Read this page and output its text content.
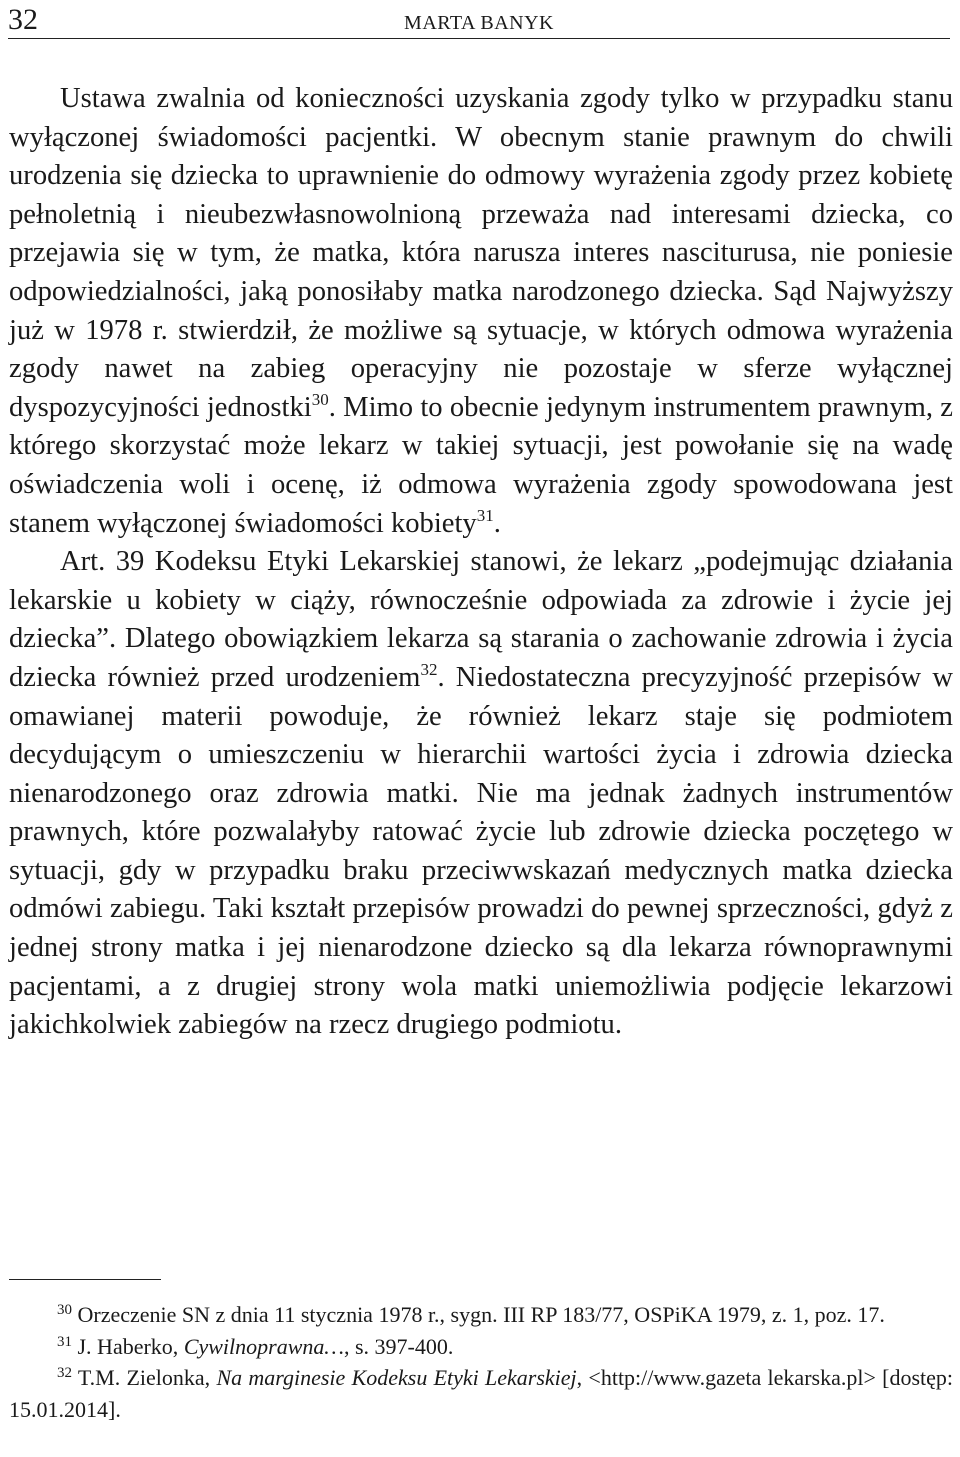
32	MARTA BANYK

Ustawa zwalnia od konieczności uzyskania zgody tylko w przypadku stanu wyłączonej świadomości pacjentki. W obecnym stanie prawnym do chwili urodzenia się dziecka to uprawnienie do odmowy wyrażenia zgody przez kobietę pełnoletnią i nieubezwłasnowolnioną przeważa nad interesami dziecka, co przejawia się w tym, że matka, która narusza interes nasciturusa, nie poniesie odpowiedzialności, jaką ponosiłaby matka narodzonego dziecka. Sąd Najwyższy już w 1978 r. stwierdził, że możliwe są sytuacje, w których odmowa wyrażenia zgody nawet na zabieg operacyjny nie pozostaje w sferze wyłącznej dyspozycyjności jednostki$^{30}$. Mimo to obecnie jedynym instrumentem prawnym, z którego skorzystać może lekarz w takiej sytuacji, jest powołanie się na wadę oświadczenia woli i ocenę, iż odmowa wyrażenia zgody spowodowana jest stanem wyłączonej świadomości kobiety$^{31}$.

Art. 39 Kodeksu Etyki Lekarskiej stanowi, że lekarz „podejmując działania lekarskie u kobiety w ciąży, równocześnie odpowiada za zdrowie i życie jej dziecka”. Dlatego obowiązkiem lekarza są starania o zachowanie zdrowia i życia dziecka również przed urodzeniem$^{32}$. Niedostateczna precyzyjność przepisów w omawianej materii powoduje, że również lekarz staje się podmiotem decydującym o umieszczeniu w hierarchii wartości życia i zdrowia dziecka nienarodzonego oraz zdrowia matki. Nie ma jednak żadnych instrumentów prawnych, które pozwalałyby ratować życie lub zdrowie dziecka poczętego w sytuacji, gdy w przypadku braku przeciwwskazań medycznych matka dziecka odmówi zabiegu. Taki kształt przepisów prowadzi do pewnej sprzeczności, gdyż z jednej strony matka i jej nienarodzone dziecko są dla lekarza równoprawnymi pacjentami, a z drugiej strony wola matki uniemożliwia podjęcie lekarzowi jakichkolwiek zabiegów na rzecz drugiego podmiotu.

$^{30}$ Orzeczenie SN z dnia 11 stycznia 1978 r., sygn. III RP 183/77, OSPiKA 1979, z. 1, poz. 17.

$^{31}$ J. Haberko, Cywilnoprawna…, s. 397-400.

$^{32}$ T.M. Zielonka, Na marginesie Kodeksu Etyki Lekarskiej, <http://www.gazeta lekarska.pl> [dostęp: 15.01.2014].
